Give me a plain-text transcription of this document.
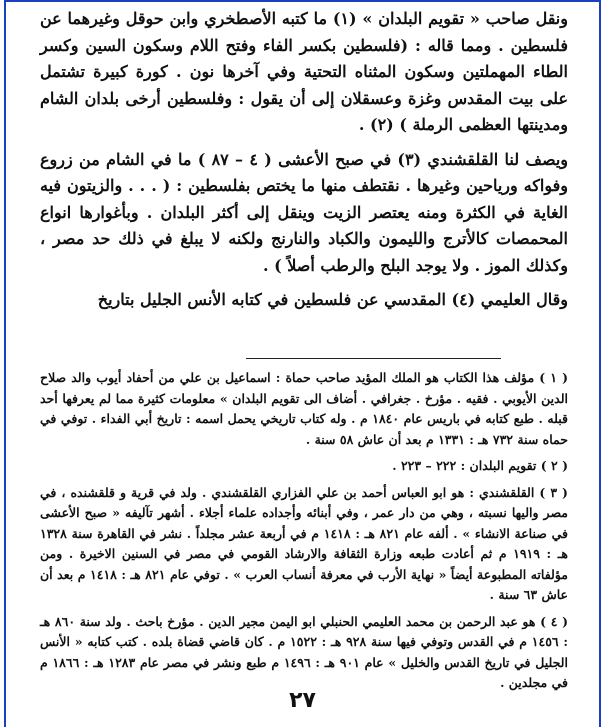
ونقل صاحب « تقويم البلدان » (١) ما كتبه الأصطخري وابن حوقل وغيرهما عن فلسطين . ومما قاله : (فلسطين بكسر الفاء وفتح اللام وسكون السين وكسر الطاء المهملتين وسكون المثناه التحتية وفي آخرها نون . كورة كبيرة تشتمل على بيت المقدس وغزة وعسقلان إلى أن يقول : وفلسطين أرخى بلدان الشام ومدينتها العظمى الرملة ) (٢) .

ويصف لنا القلقشندي (٣) في صبح الأعشى ( ٤ – ٨٧ ) ما في الشام من زروع وفواكه ورياحين وغيرها . نقتطف منها ما يختص بفلسطين : ( . . . والزيتون فيه الغاية في الكثرة ومنه يعتصر الزيت وينقل إلى أكثر البلدان . وبأغوارها انواع المحمصات كالأترج والليمون والكباد والنارنج ولكنه لا يبلغ في ذلك حد مصر ، وكذلك الموز . ولا يوجد البلح والرطب أصلاً ) .

وقال العليمي (٤) المقدسي عن فلسطين في كتابه الأنس الجليل بتاريخ

( ١ ) مؤلف هذا الكتاب هو الملك المؤيد صاحب حماة : اسماعيل بن علي من أحفاد أيوب والد صلاح الدين الأيوبي . فقيه . مؤرخ . جغرافي . أضاف الى تقويم البلدان » معلومات كثيرة مما لم يعرفها أحد قبله . طبع كتابه في باريس عام ١٨٤٠ م . وله كتاب تاريخي يحمل اسمه : تاريخ أبي الفداء . توفي في حماه سنة ٧٣٢ هـ : ١٣٣١ م بعد أن عاش ٥٨ سنة .

( ٢ ) تقويم البلدان : ٢٢٢ – ٢٢٣ .

( ٣ ) القلقشندي : هو ابو العباس أحمد بن علي الفزاري القلقشندي . ولد في قرية و قلقشنده ، في مصر واليها نسبته ، وهي من دار عمر ، وفي أبنائه وأجداده علماء أجلاء . أشهر تآليفه « صبح الأعشى في صناعة الانشاء » . ألفه عام ٨٢١ هـ : ١٤١٨ م في أربعة عشر مجلداً . نشر في القاهرة سنة ١٣٢٨ هـ : ١٩١٩ م ثم أعادت طبعه وزارة الثقافة والارشاد القومي في مصر في السنين الاخيرة . ومن مؤلفاته المطبوعة أيضاً « نهاية الأرب في معرفة أنساب العرب » . توفي عام ٨٢١ هـ : ١٤١٨ م بعد أن عاش ٦٣ سنة .

( ٤ ) هو عبد الرحمن بن محمد العليمي الحنبلي ابو اليمن مجير الدين . مؤرخ باحث . ولد سنة ٨٦٠ هـ : ١٤٥٦ م في القدس وتوفي فيها سنة ٩٢٨ هـ : ١٥٢٢ م . كان قاضي قضاة بلده . كتب كتابه « الأنس الجليل في تاريخ القدس والخليل » عام ٩٠١ هـ : ١٤٩٦ م طبع ونشر في مصر عام ١٢٨٣ هـ : ١٨٦٦ م في مجلدين .

٢٧
